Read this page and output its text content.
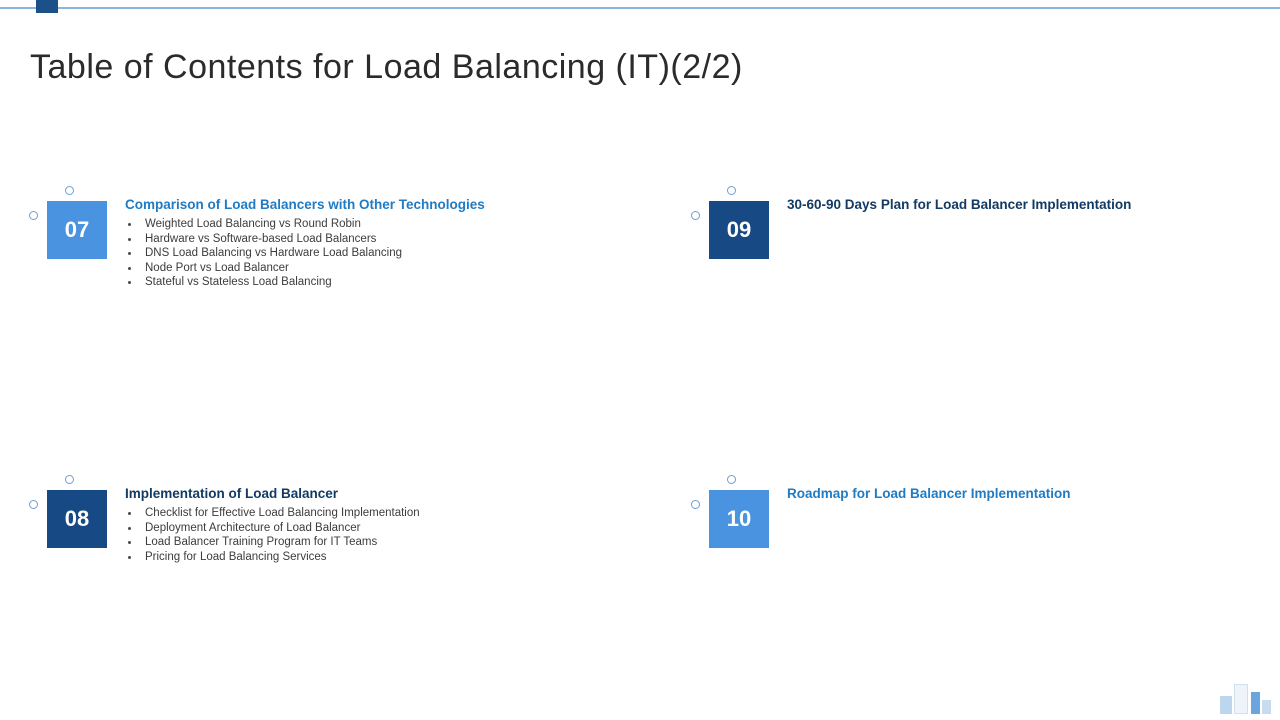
Table of Contents for Load Balancing (IT)(2/2)
07

Comparison of Load Balancers with Other Technologies

Weighted Load Balancing vs Round Robin
Hardware vs Software-based Load Balancers
DNS Load Balancing vs Hardware Load Balancing
Node Port vs Load Balancer
Stateful vs Stateless Load Balancing
08

Implementation of Load Balancer

Checklist for Effective Load Balancing Implementation
Deployment Architecture of Load Balancer
Load Balancer Training Program for IT Teams
Pricing for Load Balancing Services
09

30-60-90 Days Plan for Load Balancer Implementation

10

Roadmap for Load Balancer Implementation
